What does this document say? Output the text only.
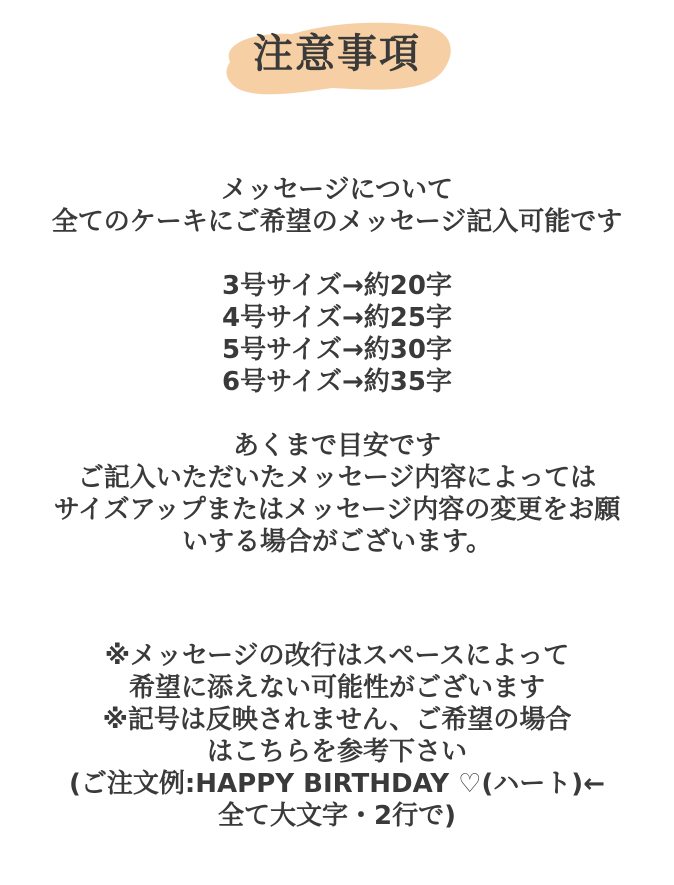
注意事項
メッセージについて
全てのケーキにご希望のメッセージ記入可能です
3号サイズ→約20字
4号サイズ→約25字
5号サイズ→約30字
6号サイズ→約35字
あくまで目安です
ご記入いただいたメッセージ内容によっては
サイズアップまたはメッセージ内容の変更をお願
いする場合がございます。
※メッセージの改行はスペースによって
希望に添えない可能性がございます
※記号は反映されません、ご希望の場合
はこちらを参考下さい
(ご注文例:HAPPY BIRTHDAY ♡(ハート)←
全て大文字・2行で)
